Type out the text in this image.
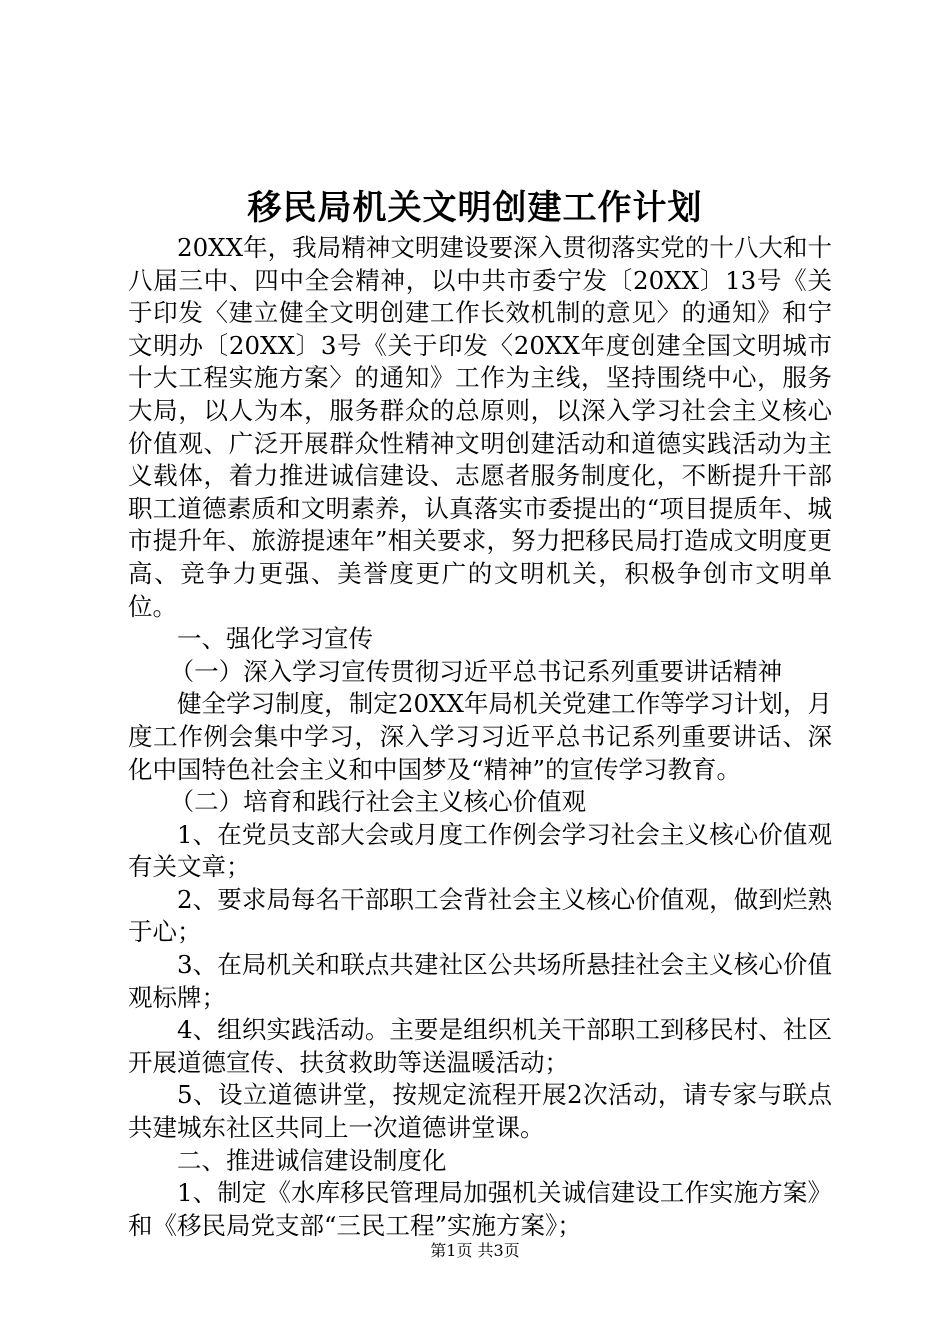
移民局机关文明创建工作计划

20XX年，我局精神文明建设要深入贯彻落实党的十八大和十八届三中、四中全会精神，以中共市委宁发〔20XX〕13号《关于印发〈建立健全文明创建工作长效机制的意见〉的通知》和宁文明办〔20XX〕3号《关于印发〈20XX年度创建全国文明城市十大工程实施方案〉的通知》工作为主线，坚持围绕中心，服务大局，以人为本，服务群众的总原则，以深入学习社会主义核心价值观、广泛开展群众性精神文明创建活动和道德实践活动为主义载体，着力推进诚信建设、志愿者服务制度化，不断提升干部职工道德素质和文明素养，认真落实市委提出的“项目提质年、城市提升年、旅游提速年”相关要求，努力把移民局打造成文明度更高、竞争力更强、美誉度更广的文明机关，积极争创市文明单位。

一、强化学习宣传

（一）深入学习宣传贯彻习近平总书记系列重要讲话精神

健全学习制度，制定20XX年局机关党建工作等学习计划，月度工作例会集中学习，深入学习习近平总书记系列重要讲话、深化中国特色社会主义和中国梦及“精神”的宣传学习教育。

（二）培育和践行社会主义核心价值观

1、在党员支部大会或月度工作例会学习社会主义核心价值观有关文章；

2、要求局每名干部职工会背社会主义核心价值观，做到烂熟于心；

3、在局机关和联点共建社区公共场所悬挂社会主义核心价值观标牌；

4、组织实践活动。主要是组织机关干部职工到移民村、社区开展道德宣传、扶贫救助等送温暖活动；

5、设立道德讲堂，按规定流程开展2次活动，请专家与联点共建城东社区共同上一次道德讲堂课。

二、推进诚信建设制度化

1、制定《水库移民管理局加强机关诚信建设工作实施方案》和《移民局党支部“三民工程”实施方案》；

第1页 共3页
